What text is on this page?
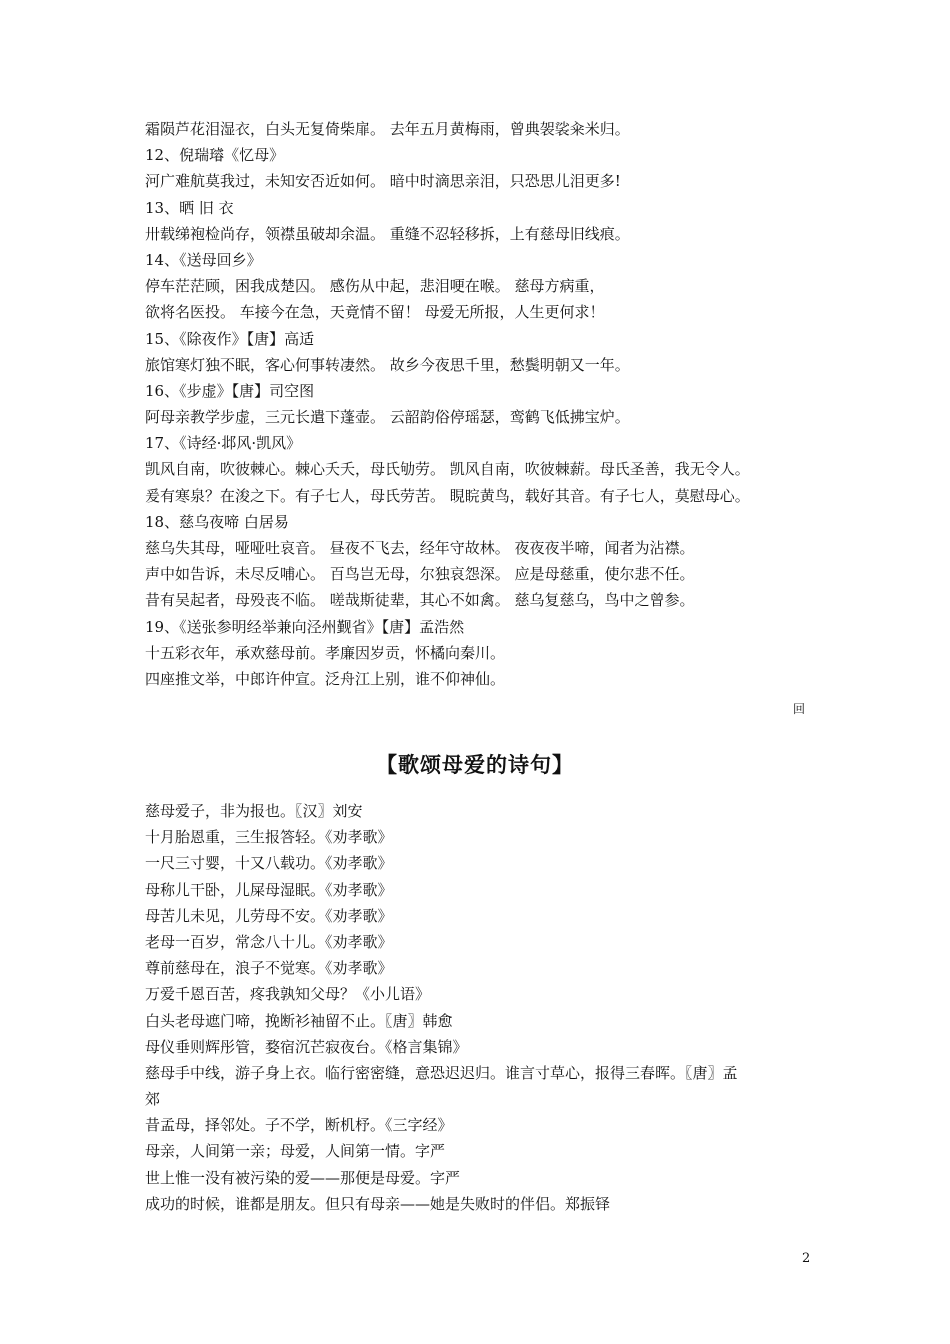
霜陨芦花泪湿衣，白头无复倚柴扉。 去年五月黄梅雨，曾典袈裟籴米归。
12、倪瑞璿《忆母》
河广难航莫我过，未知安否近如何。 暗中时滴思亲泪，只恐思儿泪更多!
13、晒 旧 衣
卅载绨袍检尚存，领襟虽破却余温。 重缝不忍轻移拆，上有慈母旧线痕。
14、《送母回乡》
停车茫茫顾，困我成楚囚。 感伤从中起，悲泪哽在喉。 慈母方病重，
欲将名医投。 车接今在急，天竟情不留！ 母爱无所报，人生更何求！
15、《除夜作》【唐】高适
旅馆寒灯独不眠，客心何事转凄然。 故乡今夜思千里，愁鬓明朝又一年。
16、《步虚》【唐】司空图
阿母亲教学步虚，三元长遣下蓬壶。 云韶韵俗停瑶瑟，鸾鹤飞低拂宝炉。
17、《诗经·邶风·凯风》
凯风自南，吹彼棘心。棘心夭夭，母氏劬劳。 凯风自南，吹彼棘薪。母氏圣善，我无令人。
爰有寒泉？在浚之下。有子七人，母氏劳苦。 睍睆黄鸟，载好其音。有子七人，莫慰母心。
18、慈乌夜啼 白居易
慈乌失其母，哑哑吐哀音。 昼夜不飞去，经年守故林。 夜夜夜半啼，闻者为沾襟。
声中如告诉，未尽反哺心。 百鸟岂无母，尔独哀怨深。 应是母慈重，使尔悲不任。
昔有吴起者，母殁丧不临。 嗟哉斯徒辈，其心不如禽。 慈乌复慈乌，鸟中之曾参。
19、《送张参明经举兼向泾州觐省》【唐】孟浩然
十五彩衣年，承欢慈母前。孝廉因岁贡，怀橘向秦川。
四座推文举，中郎许仲宣。泛舟江上别，谁不仰神仙。
回
【歌颂母爱的诗句】
慈母爱子，非为报也。〖汉〗刘安
十月胎恩重，三生报答轻。《劝孝歌》
一尺三寸婴，十又八载功。《劝孝歌》
母称儿干卧，儿屎母湿眠。《劝孝歌》
母苦儿未见，儿劳母不安。《劝孝歌》
老母一百岁，常念八十儿。《劝孝歌》
尊前慈母在，浪子不觉寒。《劝孝歌》
万爱千恩百苦，疼我孰知父母？《小儿语》
白头老母遮门啼，挽断衫袖留不止。〖唐〗韩愈
母仪垂则辉彤管，婺宿沉芒寂夜台。《格言集锦》
慈母手中线，游子身上衣。临行密密缝，意恐迟迟归。谁言寸草心，报得三春晖。〖唐〗孟
郊
昔孟母，择邻处。子不学，断机杼。《三字经》
母亲，人间第一亲；母爱，人间第一情。字严
世上惟一没有被污染的爱——那便是母爱。字严
成功的时候，谁都是朋友。但只有母亲——她是失败时的伴侣。郑振铎
2
